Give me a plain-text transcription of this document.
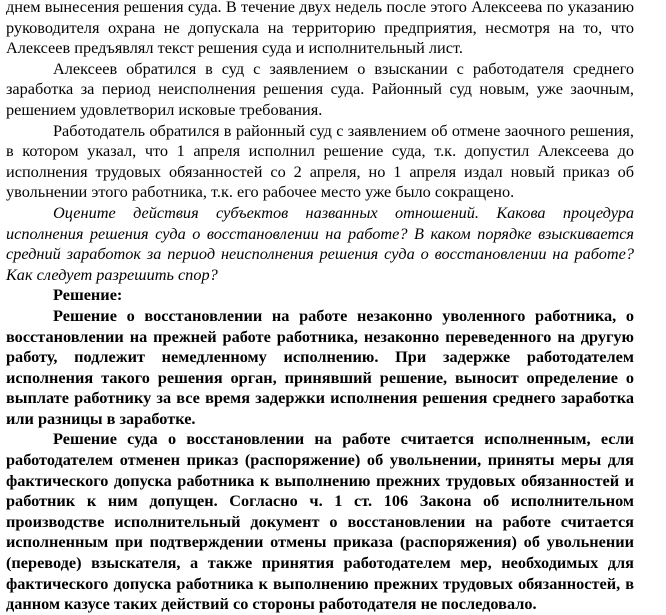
днем вынесения решения суда. В течение двух недель после этого Алексеева по указанию руководителя охрана не допускала на территорию предприятия, несмотря на то, что Алексеев предъявлял текст решения суда и исполнительный лист.

Алексеев обратился в суд с заявлением о взыскании с работодателя среднего заработка за период неисполнения решения суда. Районный суд новым, уже заочным, решением удовлетворил исковые требования.

Работодатель обратился в районный суд с заявлением об отмене заочного решения, в котором указал, что 1 апреля исполнил решение суда, т.к. допустил Алексеева до исполнения трудовых обязанностей со 2 апреля, но 1 апреля издал новый приказ об увольнении этого работника, т.к. его рабочее место уже было сокращено.

Оцените действия субъектов названных отношений. Какова процедура исполнения решения суда о восстановлении на работе? В каком порядке взыскивается средний заработок за период неисполнения решения суда о восстановлении на работе? Как следует разрешить спор?

Решение:

Решение о восстановлении на работе незаконно уволенного работника, о восстановлении на прежней работе работника, незаконно переведенного на другую работу, подлежит немедленному исполнению. При задержке работодателем исполнения такого решения орган, принявший решение, выносит определение о выплате работнику за все время задержки исполнения решения среднего заработка или разницы в заработке.

Решение суда о восстановлении на работе считается исполненным, если работодателем отменен приказ (распоряжение) об увольнении, приняты меры для фактического допуска работника к выполнению прежних трудовых обязанностей и работник к ним допущен. Согласно ч. 1 ст. 106 Закона об исполнительном производстве исполнительный документ о восстановлении на работе считается исполненным при подтверждении отмены приказа (распоряжения) об увольнении (переводе) взыскателя, а также принятия работодателем мер, необходимых для фактического допуска работника к выполнению прежних трудовых обязанностей, в данном казусе таких действий со стороны работодателя не последовало.
